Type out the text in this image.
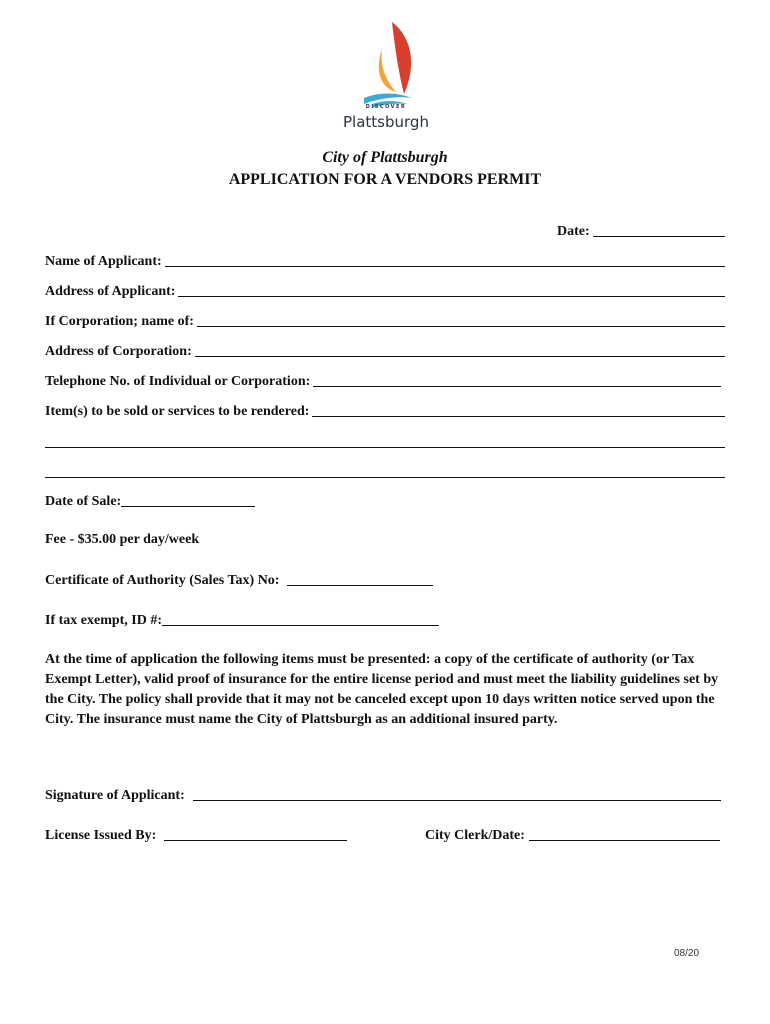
DISCOVER
Plattsburgh
City of Plattsburgh
APPLICATION FOR A VENDORS PERMIT
Date:
Name of Applicant:
Address of Applicant:
If Corporation; name of:
Address of Corporation:
Telephone No. of Individual or Corporation:
Item(s) to be sold or services to be rendered:
Date of Sale:
Fee - $35.00 per day/week
Certificate of Authority (Sales Tax) No:
If tax exempt, ID #:
At the time of application the following items must be presented: a copy of the certificate of authority (or Tax Exempt Letter), valid proof of insurance for the entire license period and must meet the liability guidelines set by the City. The policy shall provide that it may not be canceled except upon 10 days written notice served upon the City. The insurance must name the City of Plattsburgh as an additional insured party.
Signature of Applicant:
License Issued By:	City Clerk/Date:
08/20
